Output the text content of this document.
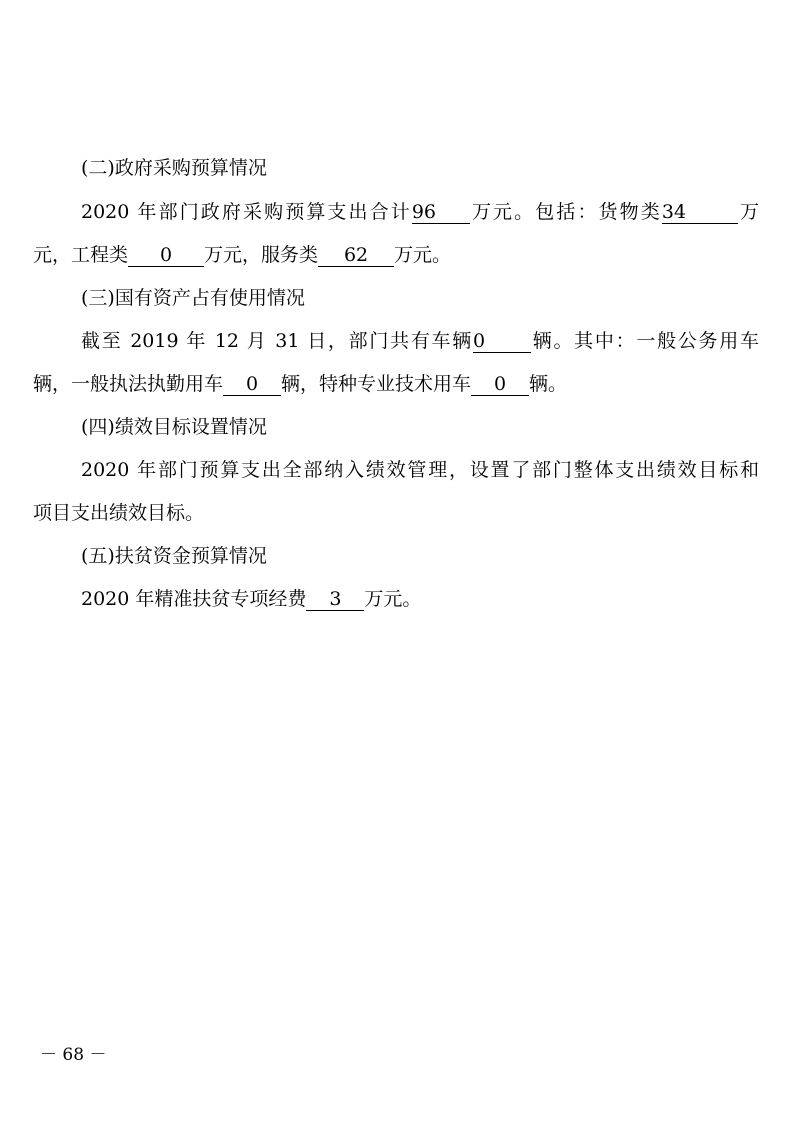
(二)政府采购预算情况
2020 年部门政府采购预算支出合计96 万元。包括：货物类34	万
元，工程类 0 万元，服务类 62 万元。
(三)国有资产占有使用情况
截至 2019 年 12 月 31 日，部门共有车辆0 辆。其中：一般公务用车
辆，一般执法执勤用车 0 辆，特种专业技术用车 0 辆。
(四)绩效目标设置情况
2020 年部门预算支出全部纳入绩效管理，设置了部门整体支出绩效目标和
项目支出绩效目标。
(五)扶贫资金预算情况
2020 年精准扶贫专项经费 3 万元。
－ 68 －
